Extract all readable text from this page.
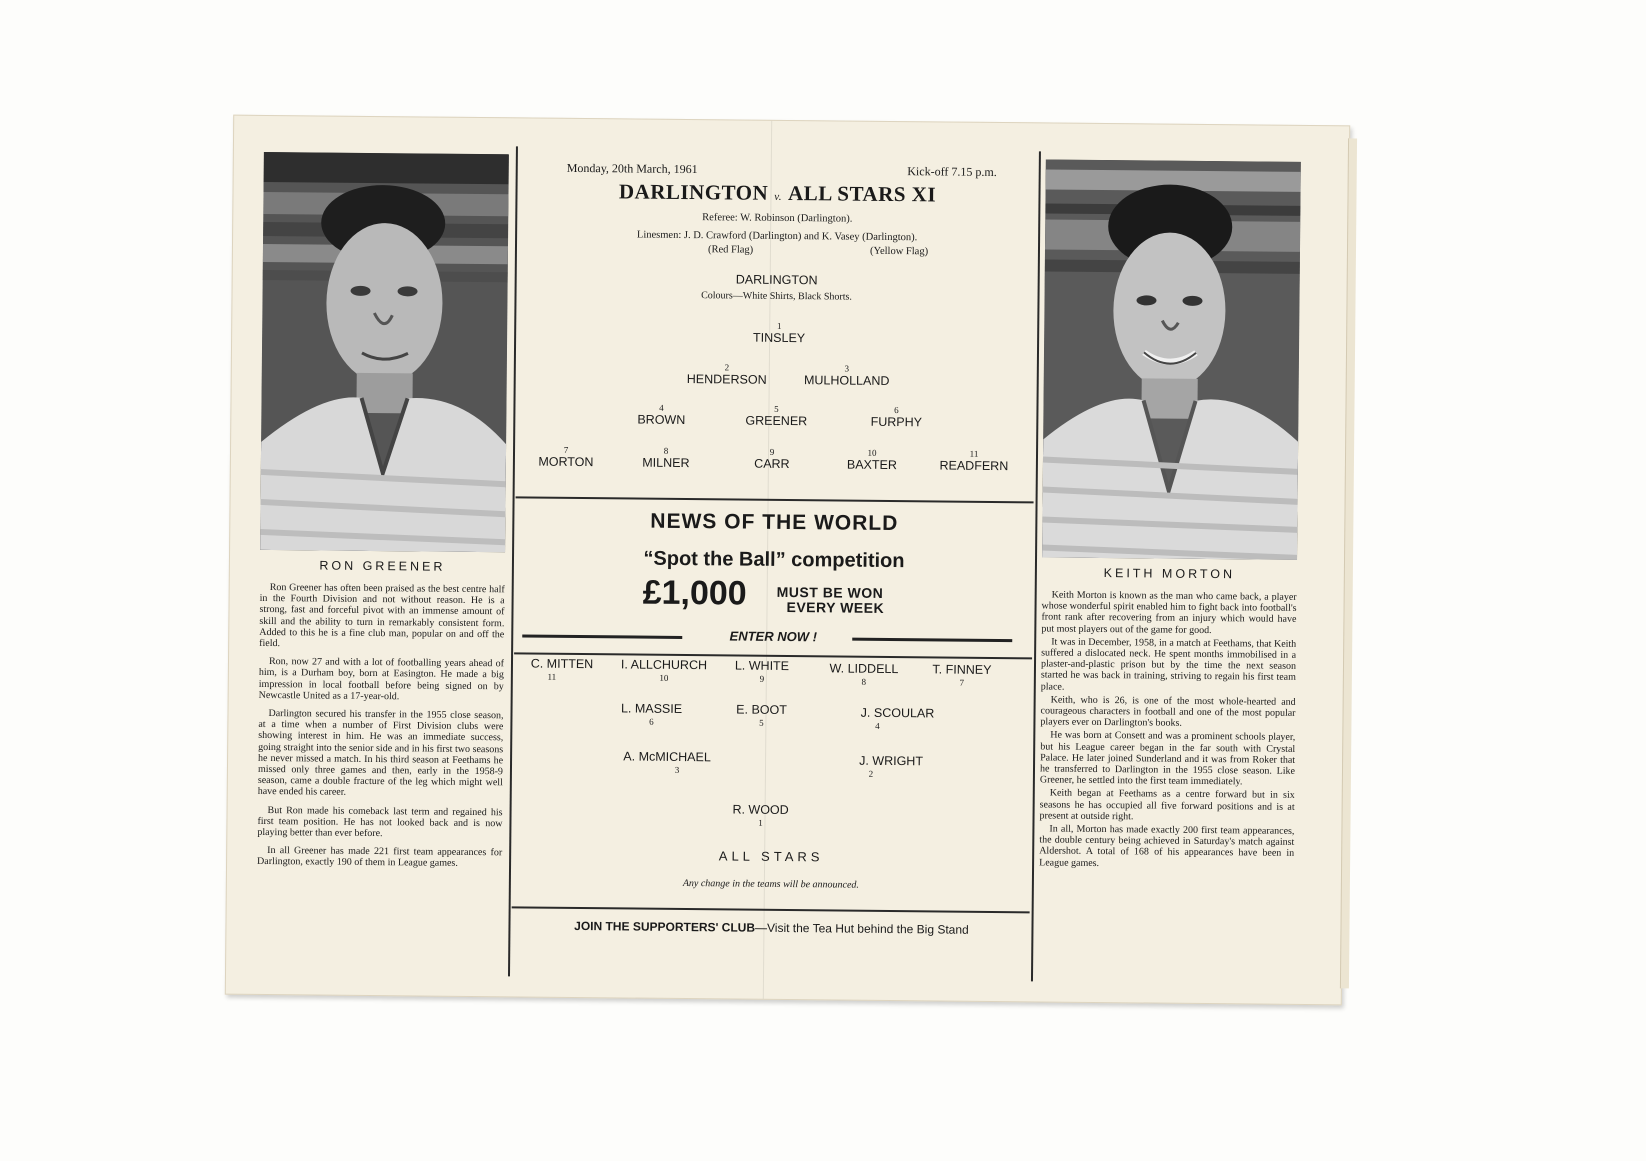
RON GREENER

Ron Greener has often been praised as the best centre half in the Fourth Division and not without reason. He is a strong, fast and forceful pivot with an immense amount of skill and the ability to turn in remarkably consistent form. Added to this he is a fine club man, popular on and off the field.

Ron, now 27 and with a lot of footballing years ahead of him, is a Durham boy, born at Easington. He made a big impression in local football before being signed on by Newcastle United as a 17-year-old.

Darlington secured his transfer in the 1955 close season, at a time when a number of First Division clubs were showing interest in him. He was an immediate success, going straight into the senior side and in his first two seasons he never missed a match. In his third season at Feethams he missed only three games and then, early in the 1958-9 season, came a double fracture of the leg which might well have ended his career.

But Ron made his comeback last term and regained his first team position. He has not looked back and is now playing better than ever before.

In all Greener has made 221 first team appearances for Darlington, exactly 190 of them in League games.

Monday, 20th March, 1961	Kick-off 7.15 p.m.
DARLINGTON v. ALL STARS XI
Referee: W. Robinson (Darlington).
Linesmen: J. D. Crawford (Darlington) and K. Vasey (Darlington).
(Red Flag)	(Yellow Flag)
DARLINGTON
Colours—White Shirts, Black Shorts.
1
TINSLEY
2
HENDERSON
3
MULHOLLAND
4
BROWN
5
GREENER
6
FURPHY
7
MORTON
8
MILNER
9
CARR
10
BAXTER
11
READFERN
NEWS OF THE WORLD
“Spot the Ball” competition
£1,000 MUST BE WON
EVERY WEEK
ENTER NOW !
C. MITTEN
11
I. ALLCHURCH
10
L. WHITE
9
W. LIDDELL
8
T. FINNEY
7
L. MASSIE
6
E. BOOT
5
J. SCOULAR
4
A. McMICHAEL
3
J. WRIGHT
2
R. WOOD
1
ALL STARS
Any change in the teams will be announced.
JOIN THE SUPPORTERS' CLUB—Visit the Tea Hut behind the Big Stand
KEITH MORTON

Keith Morton is known as the man who came back, a player whose wonderful spirit enabled him to fight back into football's front rank after recovering from an injury which would have put most players out of the game for good.

It was in December, 1958, in a match at Feethams, that Keith suffered a dislocated neck. He spent months immobilised in a plaster-and-plastic prison but by the time the next season started he was back in training, striving to regain his first team place.

Keith, who is 26, is one of the most whole-hearted and courageous characters in football and one of the most popular players ever on Darlington's books.

He was born at Consett and was a prominent schools player, but his League career began in the far south with Crystal Palace. He later joined Sunderland and it was from Roker that he transferred to Darlington in the 1955 close season. Like Greener, he settled into the first team immediately.

Keith began at Feethams as a centre forward but in six seasons he has occupied all five forward positions and is at present at outside right.

In all, Morton has made exactly 200 first team appearances, the double century being achieved in Saturday's match against Aldershot. A total of 168 of his appearances have been in League games.
